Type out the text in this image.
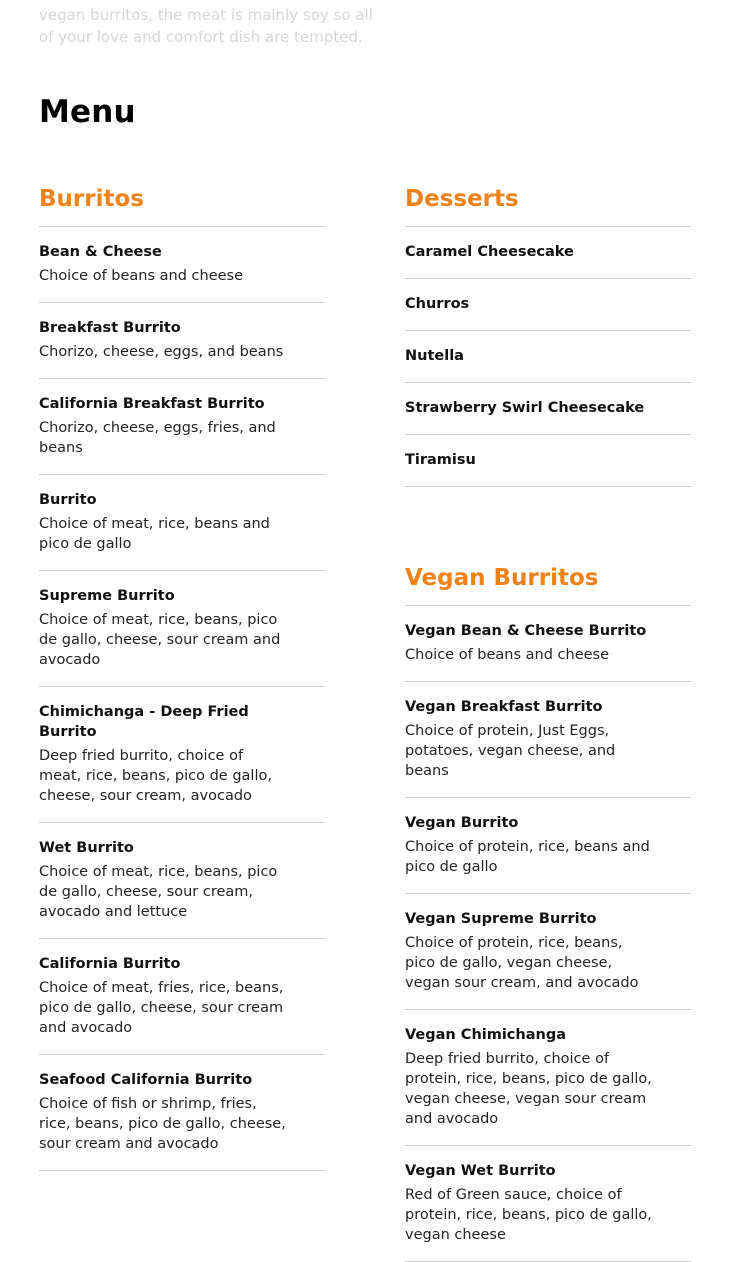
vegan burritos, the meat is mainly soy so all of your love and comfort dish are tempted.
Menu
Burritos
Bean & Cheese
Choice of beans and cheese
Breakfast Burrito
Chorizo, cheese, eggs, and beans
California Breakfast Burrito
Chorizo, cheese, eggs, fries, and beans
Burrito
Choice of meat, rice, beans and pico de gallo
Supreme Burrito
Choice of meat, rice, beans, pico de gallo, cheese, sour cream and avocado
Chimichanga - Deep Fried Burrito
Deep fried burrito, choice of meat, rice, beans, pico de gallo, cheese, sour cream, avocado
Wet Burrito
Choice of meat, rice, beans, pico de gallo, cheese, sour cream, avocado and lettuce
California Burrito
Choice of meat, fries, rice, beans, pico de gallo, cheese, sour cream and avocado
Seafood California Burrito
Choice of fish or shrimp, fries, rice, beans, pico de gallo, cheese, sour cream and avocado
Desserts
Caramel Cheesecake
Churros
Nutella
Strawberry Swirl Cheesecake
Tiramisu
Vegan Burritos
Vegan Bean & Cheese Burrito
Choice of beans and cheese
Vegan Breakfast Burrito
Choice of protein, Just Eggs, potatoes, vegan cheese, and beans
Vegan Burrito
Choice of protein, rice, beans and pico de gallo
Vegan Supreme Burrito
Choice of protein, rice, beans, pico de gallo, vegan cheese, vegan sour cream, and avocado
Vegan Chimichanga
Deep fried burrito, choice of protein, rice, beans, pico de gallo, vegan cheese, vegan sour cream and avocado
Vegan Wet Burrito
Red of Green sauce, choice of protein, rice, beans, pico de gallo, vegan cheese
